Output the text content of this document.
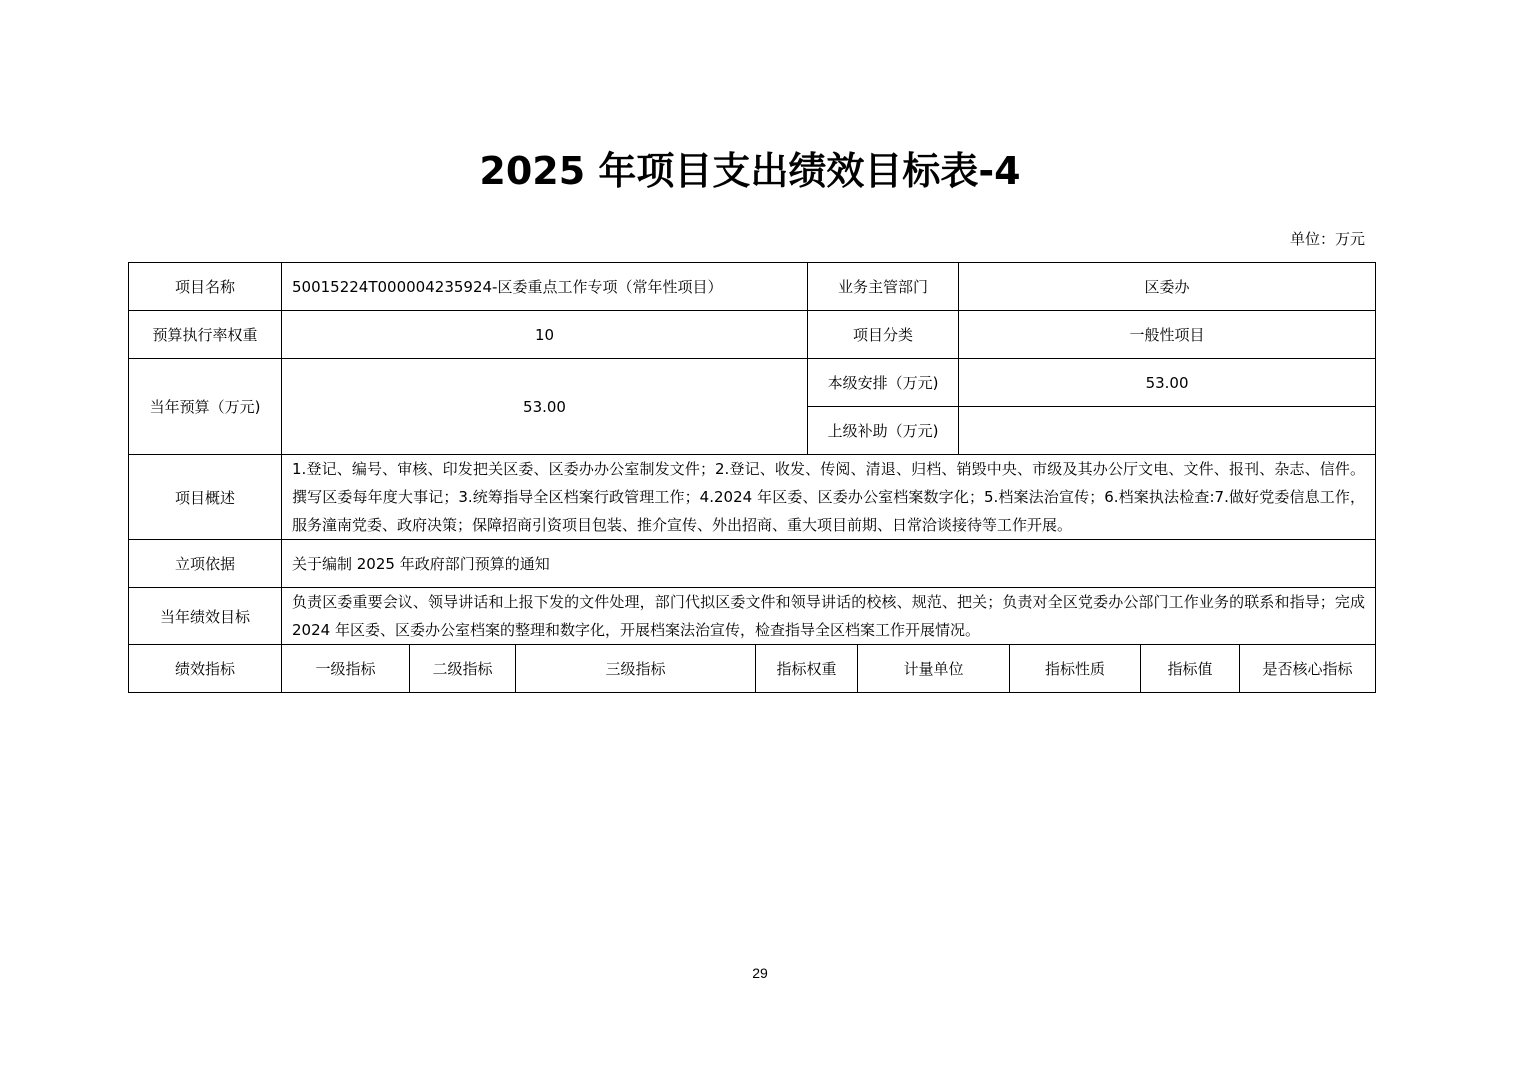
2025 年项目支出绩效目标表-4
单位：万元
项目名称	50015224T000004235924-区委重点工作专项（常年性项目）				业务主管部门		区委办			
预算执行率权重	10				项目分类		一般性项目			
当年预算（万元)	53.00				本级安排（万元)		53.00			
					上级补助（万元)					
项目概述	1.登记、编号、审核、印发把关区委、区委办办公室制发文件；2.登记、收发、传阅、清退、归档、销毁中央、市级及其办公厅文电、文件、报刊、杂志、信件。撰写区委每年度大事记；3.统筹指导全区档案行政管理工作；4.2024 年区委、区委办公室档案数字化；5.档案法治宣传；6.档案执法检查:7.做好党委信息工作，服务潼南党委、政府决策；保障招商引资项目包装、推介宣传、外出招商、重大项目前期、日常洽谈接待等工作开展。									
立项依据	关于编制 2025 年政府部门预算的通知									
当年绩效目标	负责区委重要会议、领导讲话和上报下发的文件处理，部门代拟区委文件和领导讲话的校核、规范、把关；负责对全区党委办公部门工作业务的联系和指导；完成 2024 年区委、区委办公室档案的整理和数字化，开展档案法治宣传，检查指导全区档案工作开展情况。									
绩效指标	一级指标	二级指标	三级指标	指标权重		计量单位		指标性质	指标值	是否核心指标
29
